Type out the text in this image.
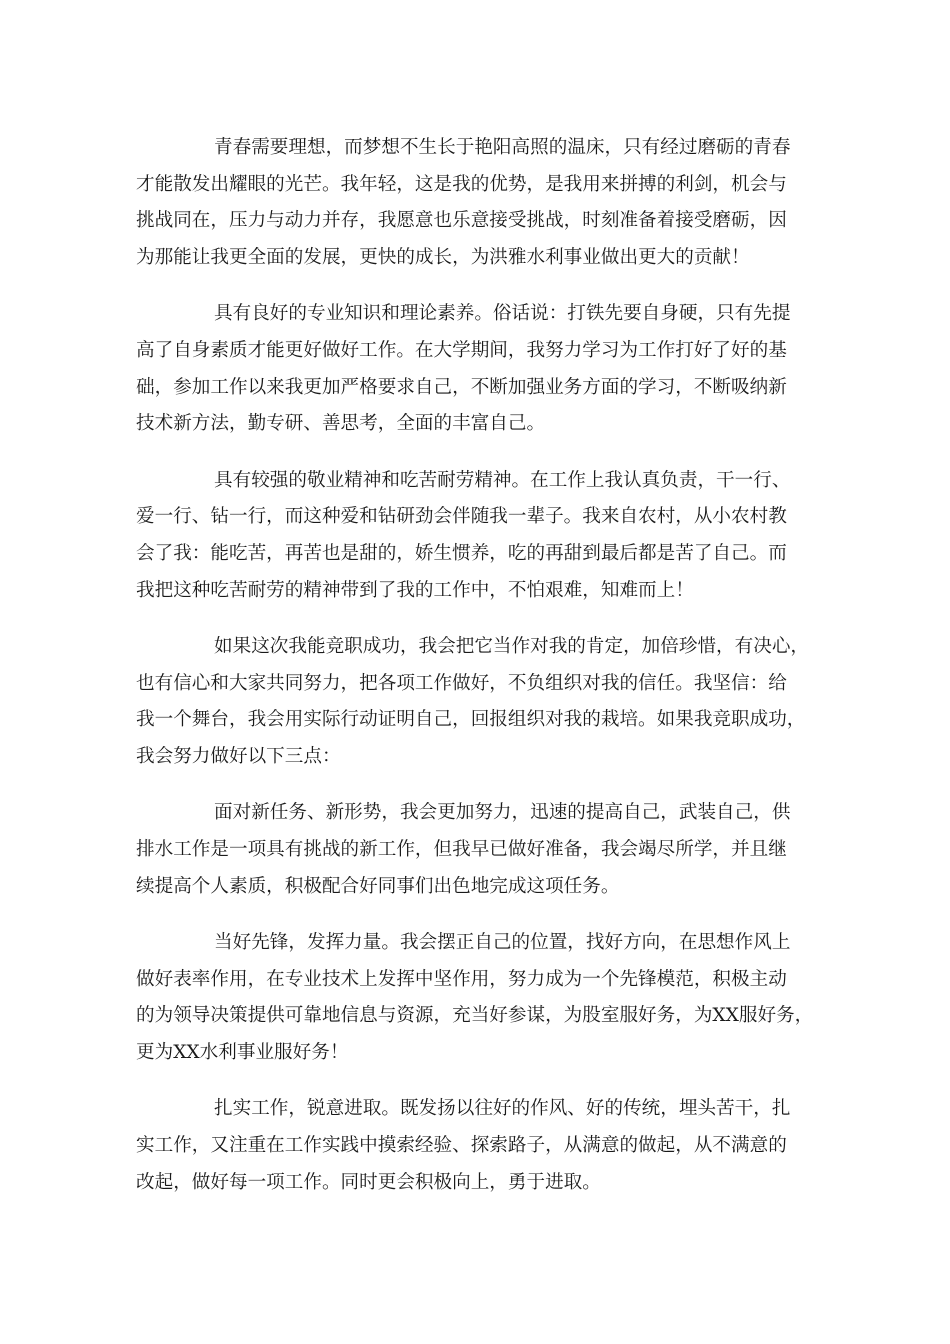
青春需要理想，而梦想不生长于艳阳高照的温床，只有经过磨砺的青春
才能散发出耀眼的光芒。我年轻，这是我的优势，是我用来拼搏的利剑，机会与
挑战同在，压力与动力并存，我愿意也乐意接受挑战，时刻准备着接受磨砺，因
为那能让我更全面的发展，更快的成长，为洪雅水利事业做出更大的贡献！
具有良好的专业知识和理论素养。俗话说：打铁先要自身硬，只有先提
高了自身素质才能更好做好工作。在大学期间，我努力学习为工作打好了好的基
础，参加工作以来我更加严格要求自己，不断加强业务方面的学习，不断吸纳新
技术新方法，勤专研、善思考，全面的丰富自己。
具有较强的敬业精神和吃苦耐劳精神。在工作上我认真负责，干一行、
爱一行、钻一行，而这种爱和钻研劲会伴随我一辈子。我来自农村，从小农村教
会了我：能吃苦，再苦也是甜的，娇生惯养，吃的再甜到最后都是苦了自己。而
我把这种吃苦耐劳的精神带到了我的工作中，不怕艰难，知难而上！
如果这次我能竞职成功，我会把它当作对我的肯定，加倍珍惜，有决心，
也有信心和大家共同努力，把各项工作做好，不负组织对我的信任。我坚信：给
我一个舞台，我会用实际行动证明自己，回报组织对我的栽培。如果我竞职成功，
我会努力做好以下三点：
面对新任务、新形势，我会更加努力，迅速的提高自己，武装自己，供
排水工作是一项具有挑战的新工作，但我早已做好准备，我会竭尽所学，并且继
续提高个人素质，积极配合好同事们出色地完成这项任务。
当好先锋，发挥力量。我会摆正自己的位置，找好方向，在思想作风上
做好表率作用，在专业技术上发挥中坚作用，努力成为一个先锋模范，积极主动
的为领导决策提供可靠地信息与资源，充当好参谋，为股室服好务，为XX服好务，
更为XX水利事业服好务！
扎实工作，锐意进取。既发扬以往好的作风、好的传统，埋头苦干，扎
实工作，又注重在工作实践中摸索经验、探索路子，从满意的做起，从不满意的
改起，做好每一项工作。同时更会积极向上，勇于进取。
